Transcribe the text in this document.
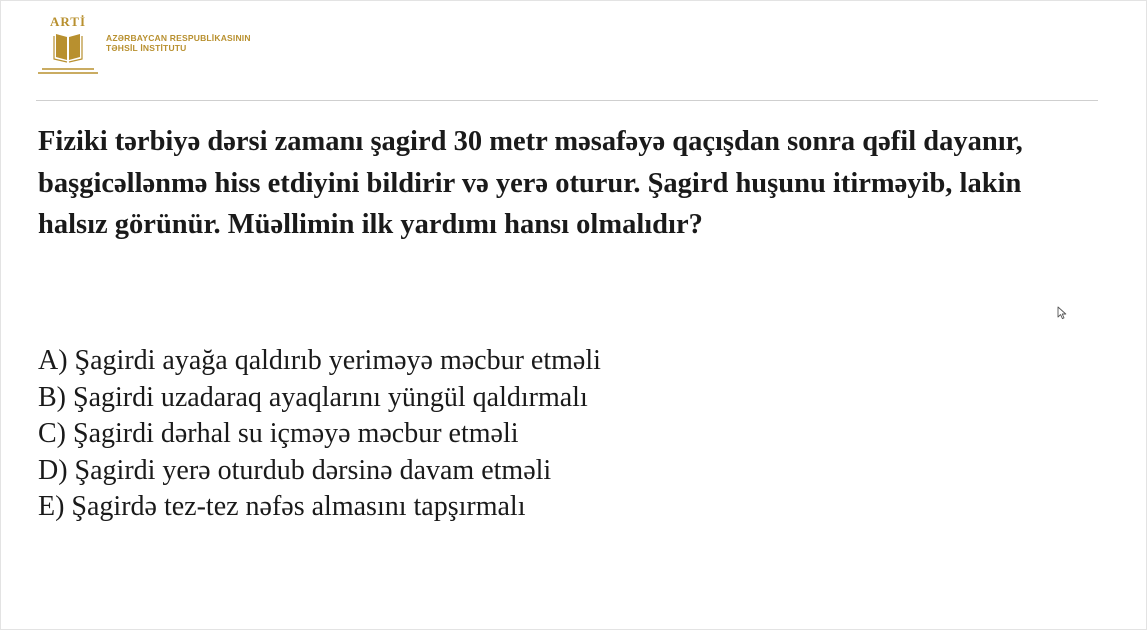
ARTİ
AZƏRBAYCAN RESPUBLİKASININ
TƏHSİL İNSTİTUTU

Fiziki tərbiyə dərsi zamanı şagird 30 metr məsafəyə qaçışdan sonra qəfil dayanır, başgicəllənmə hiss etdiyini bildirir və yerə oturur. Şagird huşunu itirməyib, lakin halsız görünür. Müəllimin ilk yardımı hansı olmalıdır?

A) Şagirdi ayağa qaldırıb yeriməyə məcbur etməli
B) Şagirdi uzadaraq ayaqlarını yüngül qaldırmalı
C) Şagirdi dərhal su içməyə məcbur etməli
D) Şagirdi yerə oturdub dərsinə davam etməli
E) Şagirdə tez-tez nəfəs almasını tapşırmalı
